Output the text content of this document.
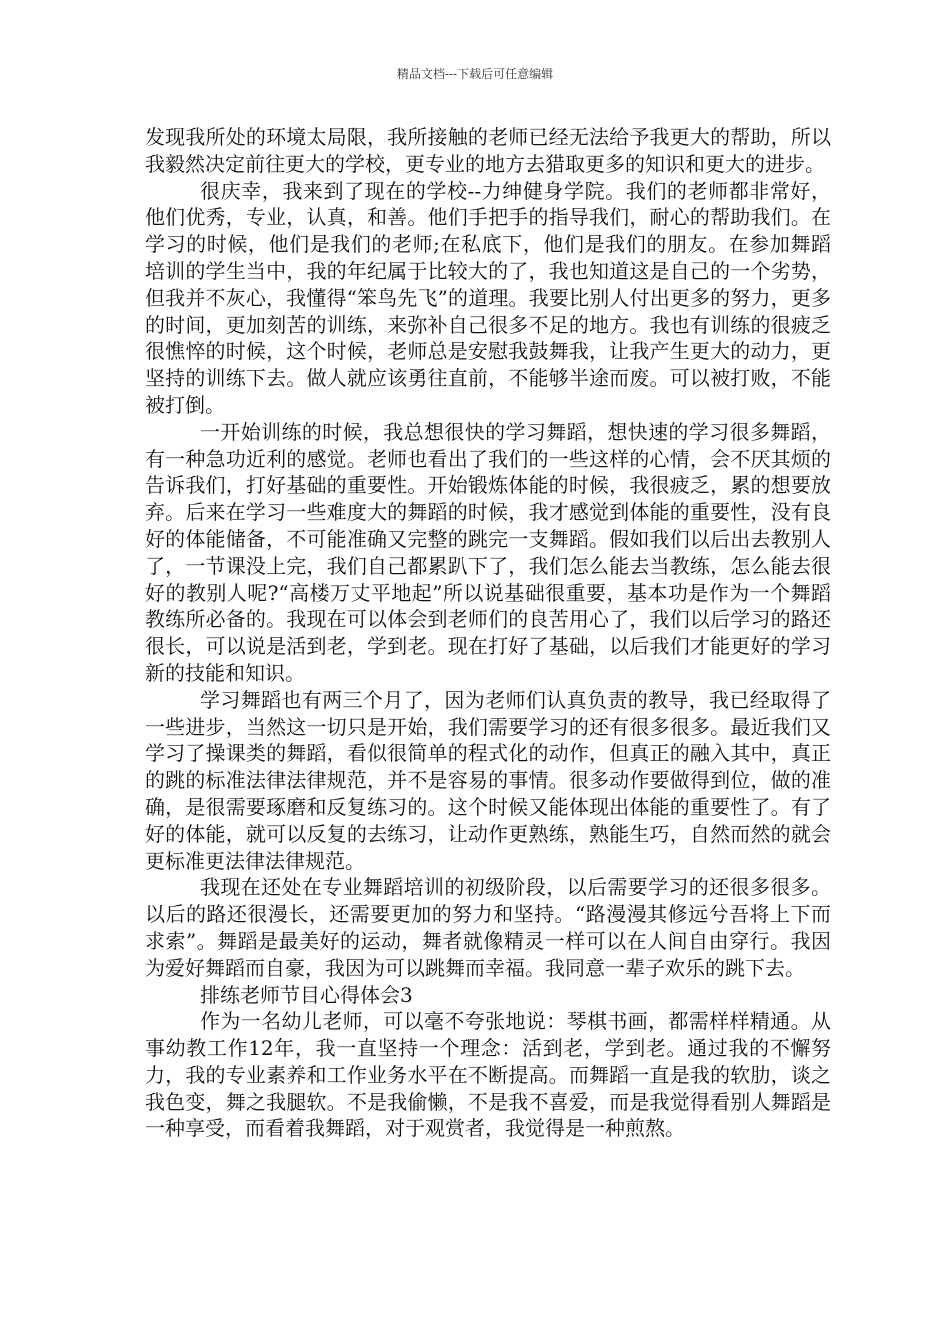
精品文档---下载后可任意编辑

发现我所处的环境太局限，我所接触的老师已经无法给予我更大的帮助，所以我毅然决定前往更大的学校，更专业的地方去猎取更多的知识和更大的进步。

很庆幸，我来到了现在的学校--力绅健身学院。我们的老师都非常好，他们优秀，专业，认真，和善。他们手把手的指导我们，耐心的帮助我们。在学习的时候，他们是我们的老师;在私底下，他们是我们的朋友。在参加舞蹈培训的学生当中，我的年纪属于比较大的了，我也知道这是自己的一个劣势，但我并不灰心，我懂得“笨鸟先飞”的道理。我要比别人付出更多的努力，更多的时间，更加刻苦的训练，来弥补自己很多不足的地方。我也有训练的很疲乏很憔悴的时候，这个时候，老师总是安慰我鼓舞我，让我产生更大的动力，更坚持的训练下去。做人就应该勇往直前，不能够半途而废。可以被打败，不能被打倒。

一开始训练的时候，我总想很快的学习舞蹈，想快速的学习很多舞蹈，有一种急功近利的感觉。老师也看出了我们的一些这样的心情，会不厌其烦的告诉我们，打好基础的重要性。开始锻炼体能的时候，我很疲乏，累的想要放弃。后来在学习一些难度大的舞蹈的时候，我才感觉到体能的重要性，没有良好的体能储备，不可能准确又完整的跳完一支舞蹈。假如我们以后出去教别人了，一节课没上完，我们自己都累趴下了，我们怎么能去当教练，怎么能去很好的教别人呢?“高楼万丈平地起”所以说基础很重要，基本功是作为一个舞蹈教练所必备的。我现在可以体会到老师们的良苦用心了，我们以后学习的路还很长，可以说是活到老，学到老。现在打好了基础，以后我们才能更好的学习新的技能和知识。

学习舞蹈也有两三个月了，因为老师们认真负责的教导，我已经取得了一些进步，当然这一切只是开始，我们需要学习的还有很多很多。最近我们又学习了操课类的舞蹈，看似很简单的程式化的动作，但真正的融入其中，真正的跳的标准法律法律规范，并不是容易的事情。很多动作要做得到位，做的准确，是很需要琢磨和反复练习的。这个时候又能体现出体能的重要性了。有了好的体能，就可以反复的去练习，让动作更熟练，熟能生巧，自然而然的就会更标准更法律法律规范。

我现在还处在专业舞蹈培训的初级阶段，以后需要学习的还很多很多。以后的路还很漫长，还需要更加的努力和坚持。“路漫漫其修远兮吾将上下而求索”。舞蹈是最美好的运动，舞者就像精灵一样可以在人间自由穿行。我因为爱好舞蹈而自豪，我因为可以跳舞而幸福。我同意一辈子欢乐的跳下去。

排练老师节目心得体会3

作为一名幼儿老师，可以毫不夸张地说：琴棋书画，都需样样精通。从事幼教工作12年，我一直坚持一个理念：活到老，学到老。通过我的不懈努力，我的专业素养和工作业务水平在不断提高。而舞蹈一直是我的软肋，谈之我色变，舞之我腿软。不是我偷懒，不是我不喜爱，而是我觉得看别人舞蹈是一种享受，而看着我舞蹈，对于观赏者，我觉得是一种煎熬。
